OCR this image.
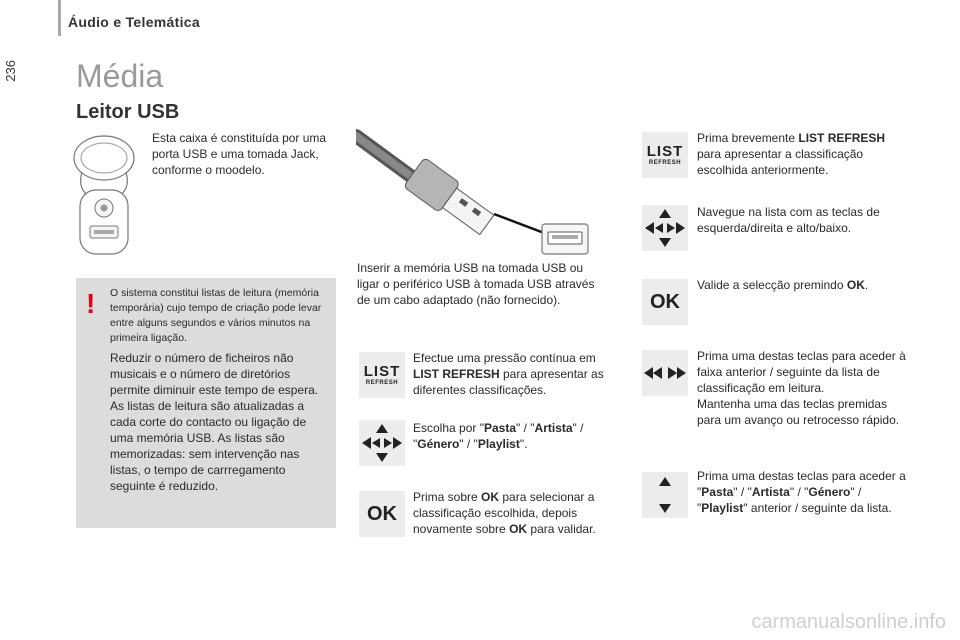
Áudio e Telemática
236 Média
Leitor USB
Esta caixa é constituída por uma porta USB e uma tomada Jack, conforme o moodelo.
! O sistema constitui listas de leitura (memória temporária) cujo tempo de criação pode levar entre alguns segundos e vários minutos na primeira ligação.
Reduzir o número de ficheiros não musicais e o número de diretórios permite diminuir este tempo de espera. As listas de leitura são atualizadas a cada corte do contacto ou ligação de uma memória USB. As listas são memorizadas: sem intervenção nas listas, o tempo de carrregamento seguinte é reduzido.
Inserir a memória USB na tomada USB ou ligar o periférico USB à tomada USB através de um cabo adaptado (não fornecido).
LIST
REFRESH
Efectue uma pressão contínua em LIST REFRESH para apresentar as diferentes classificações.
Escolha por "Pasta" / "Artista" / "Género" / "Playlist".
OK
Prima sobre OK para selecionar a classificação escolhida, depois novamente sobre OK para validar.
LIST
REFRESH
Prima brevemente LIST REFRESH para apresentar a classificação escolhida anteriormente.
Navegue na lista com as teclas de esquerda/direita e alto/baixo.
OK
Valide a selecção premindo OK.
Prima uma destas teclas para aceder à faixa anterior / seguinte da lista de classificação em leitura.
Mantenha uma das teclas premidas para um avanço ou retrocesso rápido.
Prima uma destas teclas para aceder a "Pasta" / "Artista" / "Género" / "Playlist" anterior / seguinte da lista.
carmanualsonline.info
